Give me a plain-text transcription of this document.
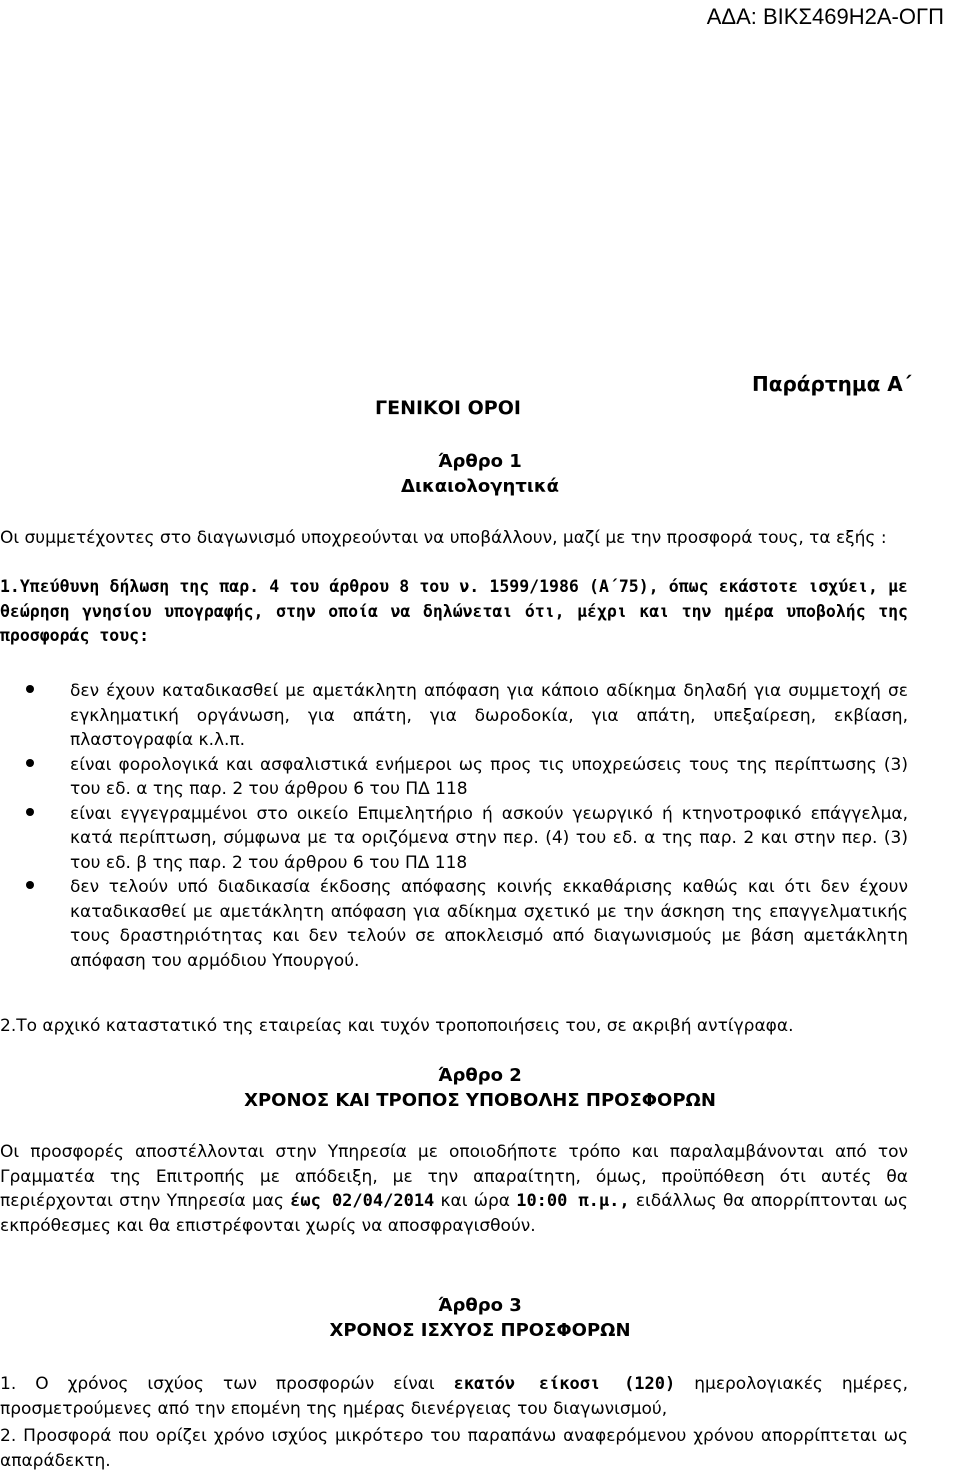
ΑΔΑ: ΒΙΚΣ469Η2Α-ΟΓΠ
Παράρτημα Α΄
ΓΕΝΙΚΟΙ ΟΡΟΙ
Άρθρο 1
Δικαιολογητικά
Οι συμμετέχοντες στο διαγωνισμό υποχρεούνται να υποβάλλουν, μαζί με την προσφορά τους, τα εξής :
1.Υπεύθυνη δήλωση της παρ. 4 του άρθρου 8 του ν. 1599/1986 (Α΄75), όπως εκάστοτε ισχύει, με θεώρηση γνησίου υπογραφής, στην οποία να δηλώνεται ότι, μέχρι και την ημέρα υποβολής της προσφοράς τους:
δεν έχουν καταδικασθεί με αμετάκλητη απόφαση για κάποιο αδίκημα δηλαδή για συμμετοχή σε εγκληματική οργάνωση, για απάτη, για δωροδοκία, για απάτη, υπεξαίρεση, εκβίαση, πλαστογραφία κ.λ.π.
είναι φορολογικά και ασφαλιστικά ενήμεροι ως προς τις υποχρεώσεις τους της περίπτωσης (3) του εδ. α της παρ. 2 του άρθρου 6 του ΠΔ 118
είναι εγγεγραμμένοι στο οικείο Επιμελητήριο ή ασκούν γεωργικό ή κτηνοτροφικό επάγγελμα, κατά περίπτωση, σύμφωνα με τα οριζόμενα στην περ. (4) του εδ. α της παρ. 2 και στην περ. (3) του εδ. β της παρ. 2 του άρθρου 6 του ΠΔ 118
δεν τελούν υπό διαδικασία έκδοσης απόφασης κοινής εκκαθάρισης καθώς και ότι δεν έχουν καταδικασθεί με αμετάκλητη απόφαση για αδίκημα σχετικό με την άσκηση της επαγγελματικής τους δραστηριότητας και δεν τελούν σε αποκλεισμό από διαγωνισμούς με βάση αμετάκλητη απόφαση του αρμόδιου Υπουργού.
2.Το αρχικό καταστατικό της εταιρείας και τυχόν τροποποιήσεις του, σε ακριβή αντίγραφα.
Άρθρο 2
ΧΡΟΝΟΣ ΚΑΙ ΤΡΟΠΟΣ ΥΠΟΒΟΛΗΣ ΠΡΟΣΦΟΡΩΝ
Οι προσφορές αποστέλλονται στην Υπηρεσία με οποιοδήποτε τρόπο και παραλαμβάνονται από τον Γραμματέα της Επιτροπής με απόδειξη, με την απαραίτητη, όμως, προϋπόθεση ότι αυτές θα περιέρχονται στην Υπηρεσία μας έως 02/04/2014 και ώρα 10:00 π.μ., ειδάλλως θα απορρίπτονται ως εκπρόθεσμες και θα επιστρέφονται χωρίς να αποσφραγισθούν.
Άρθρο 3
ΧΡΟΝΟΣ ΙΣΧΥΟΣ ΠΡΟΣΦΟΡΩΝ
1. Ο χρόνος ισχύος των προσφορών είναι εκατόν είκοσι (120) ημερολογιακές ημέρες, προσμετρούμενες από την επομένη της ημέρας διενέργειας του διαγωνισμού,
2. Προσφορά που ορίζει χρόνο ισχύος μικρότερο του παραπάνω αναφερόμενου χρόνου απορρίπτεται ως απαράδεκτη.
